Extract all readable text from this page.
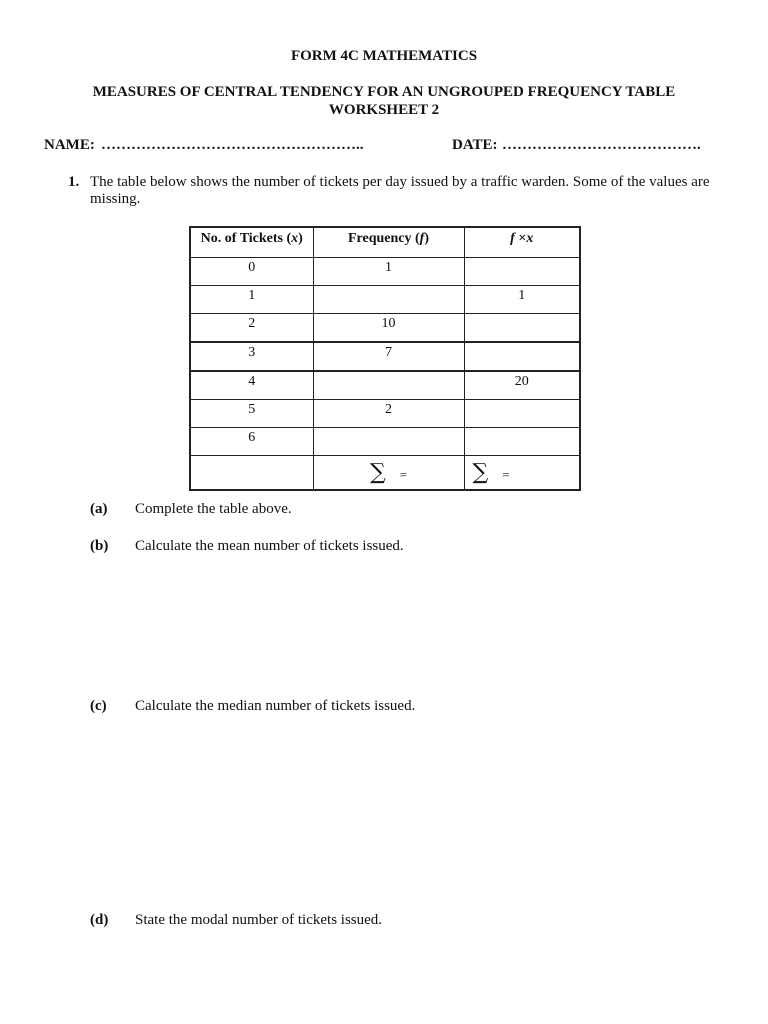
FORM 4C MATHEMATICS
MEASURES OF CENTRAL TENDENCY FOR AN UNGROUPED FREQUENCY TABLE
WORKSHEET 2
NAME: ……………………………………………..	DATE: ………………………………….
1. The table below shows the number of tickets per day issued by a traffic warden. Some of the values are missing.
No. of Tickets (x)	Frequency (f)	f ×x
0	1	
1		1
2	10	
3	7	
4		20
5	2	
6		
	∑ =	∑ =
(a) Complete the table above.
(b) Calculate the mean number of tickets issued.
(c) Calculate the median number of tickets issued.
(d) State the modal number of tickets issued.
